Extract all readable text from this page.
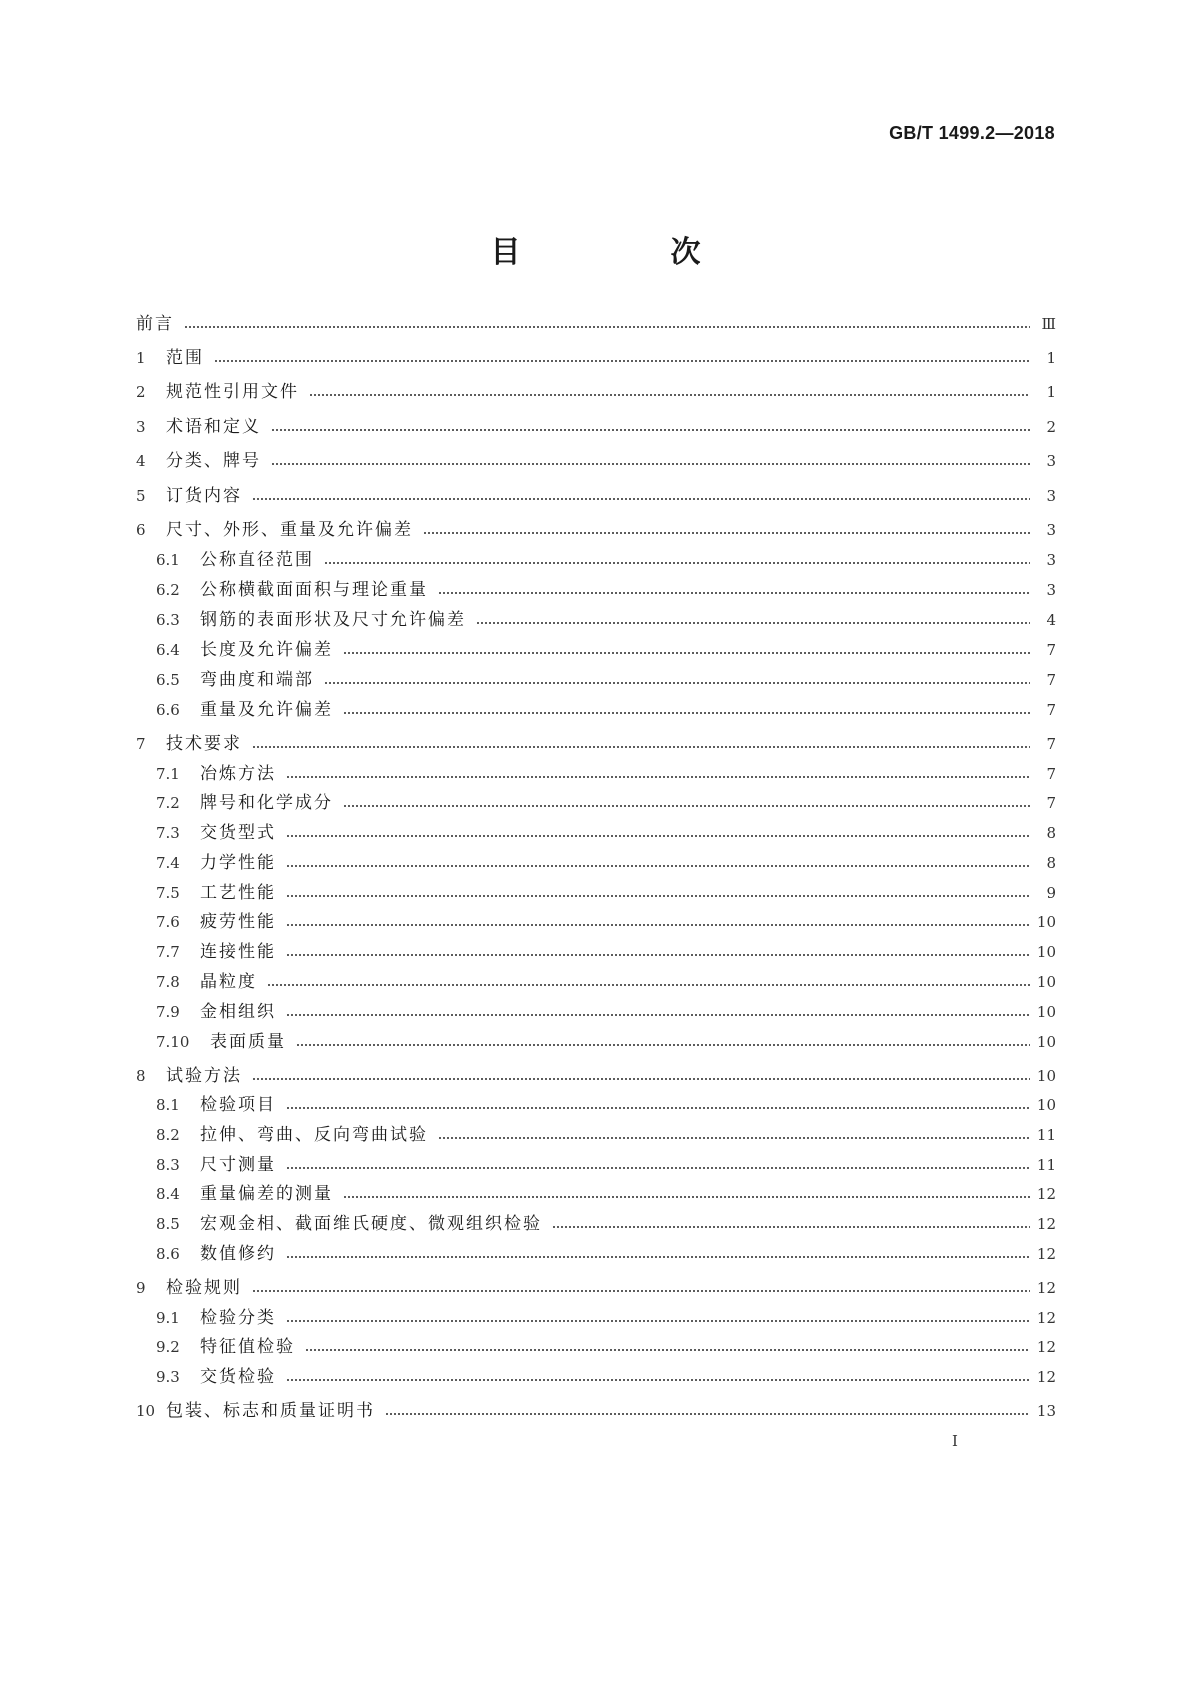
GB/T 1499.2—2018
目　次
前言	Ⅲ
1	范围	1
2	规范性引用文件	1
3	术语和定义	2
4	分类、牌号	3
5	订货内容	3
6	尺寸、外形、重量及允许偏差	3
6.1	公称直径范围	3
6.2	公称横截面面积与理论重量	3
6.3	钢筋的表面形状及尺寸允许偏差	4
6.4	长度及允许偏差	7
6.5	弯曲度和端部	7
6.6	重量及允许偏差	7
7	技术要求	7
7.1	冶炼方法	7
7.2	牌号和化学成分	7
7.3	交货型式	8
7.4	力学性能	8
7.5	工艺性能	9
7.6	疲劳性能	10
7.7	连接性能	10
7.8	晶粒度	10
7.9	金相组织	10
7.10	表面质量	10
8	试验方法	10
8.1	检验项目	10
8.2	拉伸、弯曲、反向弯曲试验	11
8.3	尺寸测量	11
8.4	重量偏差的测量	12
8.5	宏观金相、截面维氏硬度、微观组织检验	12
8.6	数值修约	12
9	检验规则	12
9.1	检验分类	12
9.2	特征值检验	12
9.3	交货检验	12
10 包装、标志和质量证明书	13
I
